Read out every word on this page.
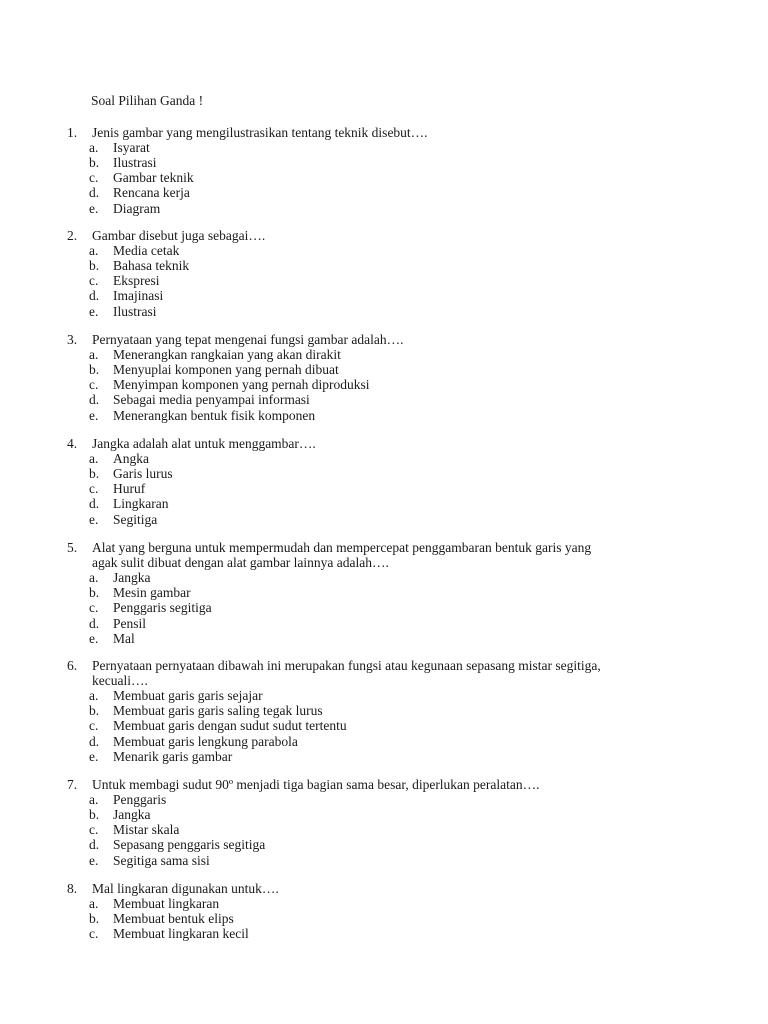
Soal Pilihan Ganda !
1. Jenis gambar yang mengilustrasikan tentang teknik disebut….
a. Isyarat
b. Ilustrasi
c. Gambar teknik
d. Rencana kerja
e. Diagram
2. Gambar disebut juga sebagai….
a. Media cetak
b. Bahasa teknik
c. Ekspresi
d. Imajinasi
e. Ilustrasi
3. Pernyataan yang tepat mengenai fungsi gambar adalah….
a. Menerangkan rangkaian yang akan dirakit
b. Menyuplai komponen yang pernah dibuat
c. Menyimpan komponen yang pernah diproduksi
d. Sebagai media penyampai informasi
e. Menerangkan bentuk fisik komponen
4. Jangka adalah alat untuk menggambar….
a. Angka
b. Garis lurus
c. Huruf
d. Lingkaran
e. Segitiga
5. Alat yang berguna untuk mempermudah dan mempercepat penggambaran bentuk garis yang
agak sulit dibuat dengan alat gambar lainnya adalah….
a. Jangka
b. Mesin gambar
c. Penggaris segitiga
d. Pensil
e. Mal
6. Pernyataan pernyataan dibawah ini merupakan fungsi atau kegunaan sepasang mistar segitiga,
kecuali….
a. Membuat garis garis sejajar
b. Membuat garis garis saling tegak lurus
c. Membuat garis dengan sudut sudut tertentu
d. Membuat garis lengkung parabola
e. Menarik garis gambar
7. Untuk membagi sudut 90º menjadi tiga bagian sama besar, diperlukan peralatan….
a. Penggaris
b. Jangka
c. Mistar skala
d. Sepasang penggaris segitiga
e. Segitiga sama sisi
8. Mal lingkaran digunakan untuk….
a. Membuat lingkaran
b. Membuat bentuk elips
c. Membuat lingkaran kecil
